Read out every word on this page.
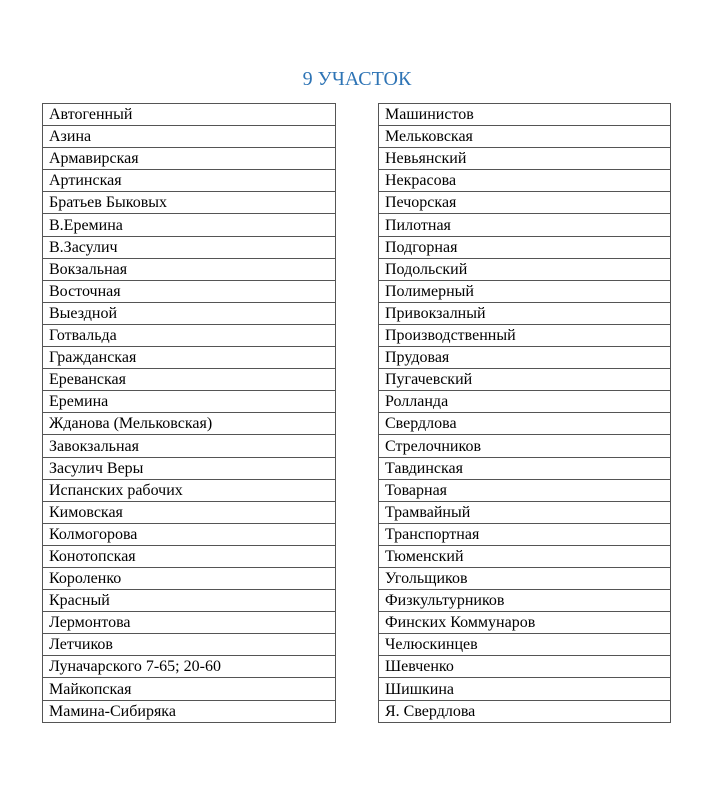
9 УЧАСТОК
Автогенный
Азина
Армавирская
Артинская
Братьев Быковых
В.Еремина
В.Засулич
Вокзальная
Восточная
Выездной
Готвальда
Гражданская
Ереванская
Еремина
Жданова (Мельковская)
Завокзальная
Засулич Веры
Испанских рабочих
Кимовская
Колмогорова
Конотопская
Короленко
Красный
Лермонтова
Летчиков
Луначарского 7-65; 20-60
Майкопская
Мамина-Сибиряка
Машинистов
Мельковская
Невьянский
Некрасова
Печорская
Пилотная
Подгорная
Подольский
Полимерный
Привокзалный
Производственный
Прудовая
Пугачевский
Ролланда
Свердлова
Стрелочников
Тавдинская
Товарная
Трамвайный
Транспортная
Тюменский
Угольщиков
Физкультурников
Финских Коммунаров
Челюскинцев
Шевченко
Шишкина
Я. Свердлова
